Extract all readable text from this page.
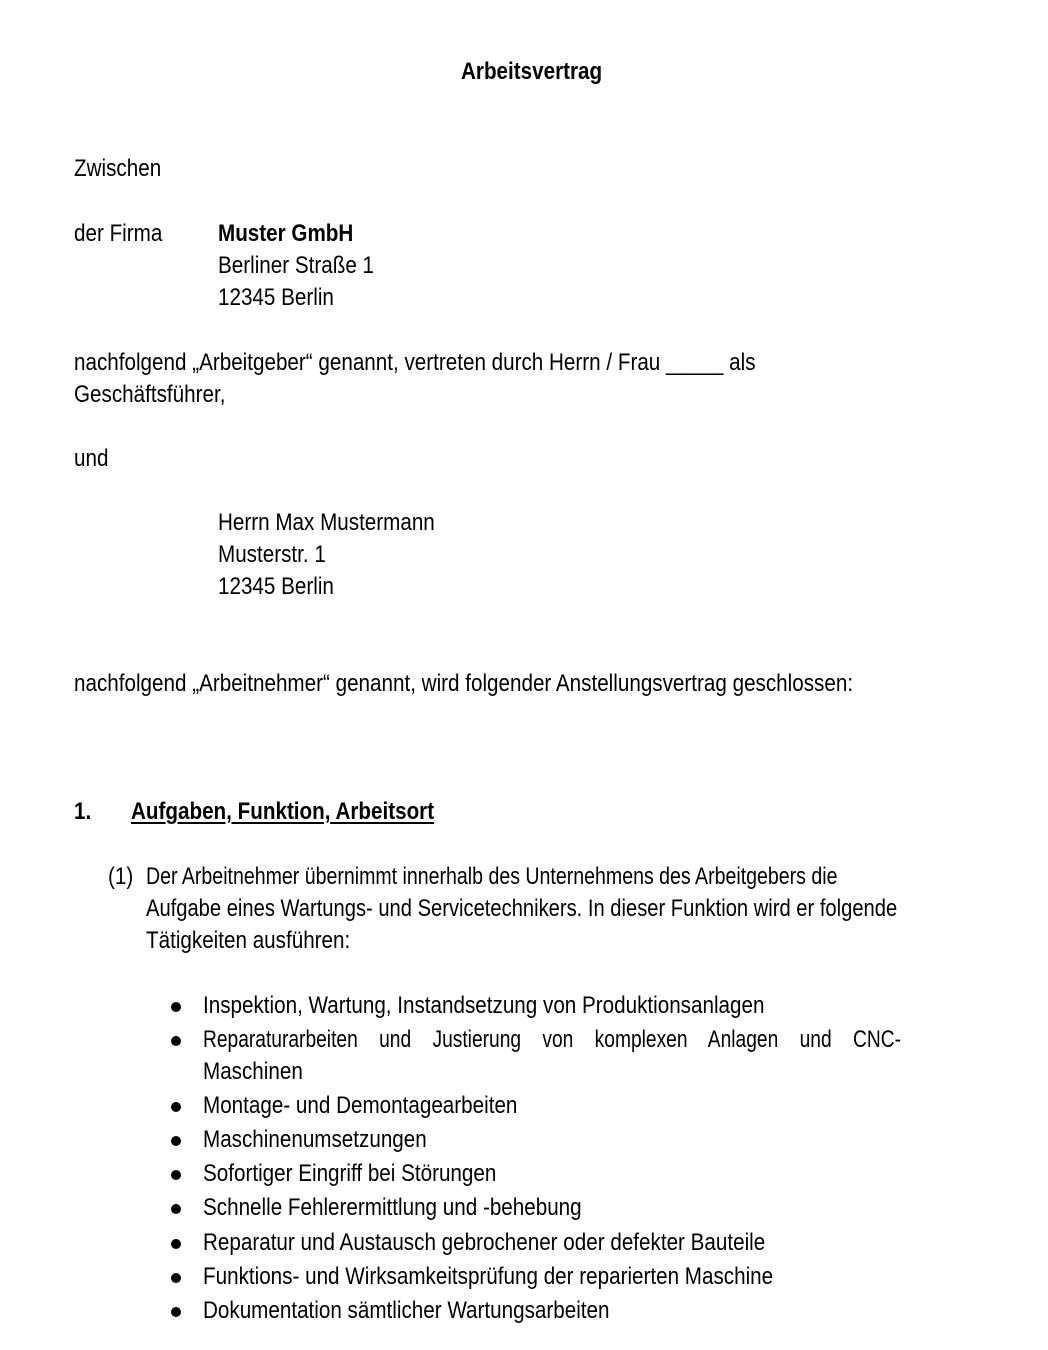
Arbeitsvertrag
Zwischen
der Firma Muster GmbH
Berliner Straße 1
12345 Berlin
nachfolgend „Arbeitgeber“ genannt, vertreten durch Herrn / Frau _____ als
Geschäftsführer,
und
Herrn Max Mustermann
Musterstr. 1
12345 Berlin
nachfolgend „Arbeitnehmer“ genannt, wird folgender Anstellungsvertrag geschlossen:
1. Aufgaben, Funktion, Arbeitsort
(1) Der Arbeitnehmer übernimmt innerhalb des Unternehmens des Arbeitgebers die
Aufgabe eines Wartungs- und Servicetechnikers. In dieser Funktion wird er folgende
Tätigkeiten ausführen:
Inspektion, Wartung, Instandsetzung von Produktionsanlagen
Reparaturarbeiten und Justierung von komplexen Anlagen und CNC-
Maschinen
Montage- und Demontagearbeiten
Maschinenumsetzungen
Sofortiger Eingriff bei Störungen
Schnelle Fehlerermittlung und -behebung
Reparatur und Austausch gebrochener oder defekter Bauteile
Funktions- und Wirksamkeitsprüfung der reparierten Maschine
Dokumentation sämtlicher Wartungsarbeiten
